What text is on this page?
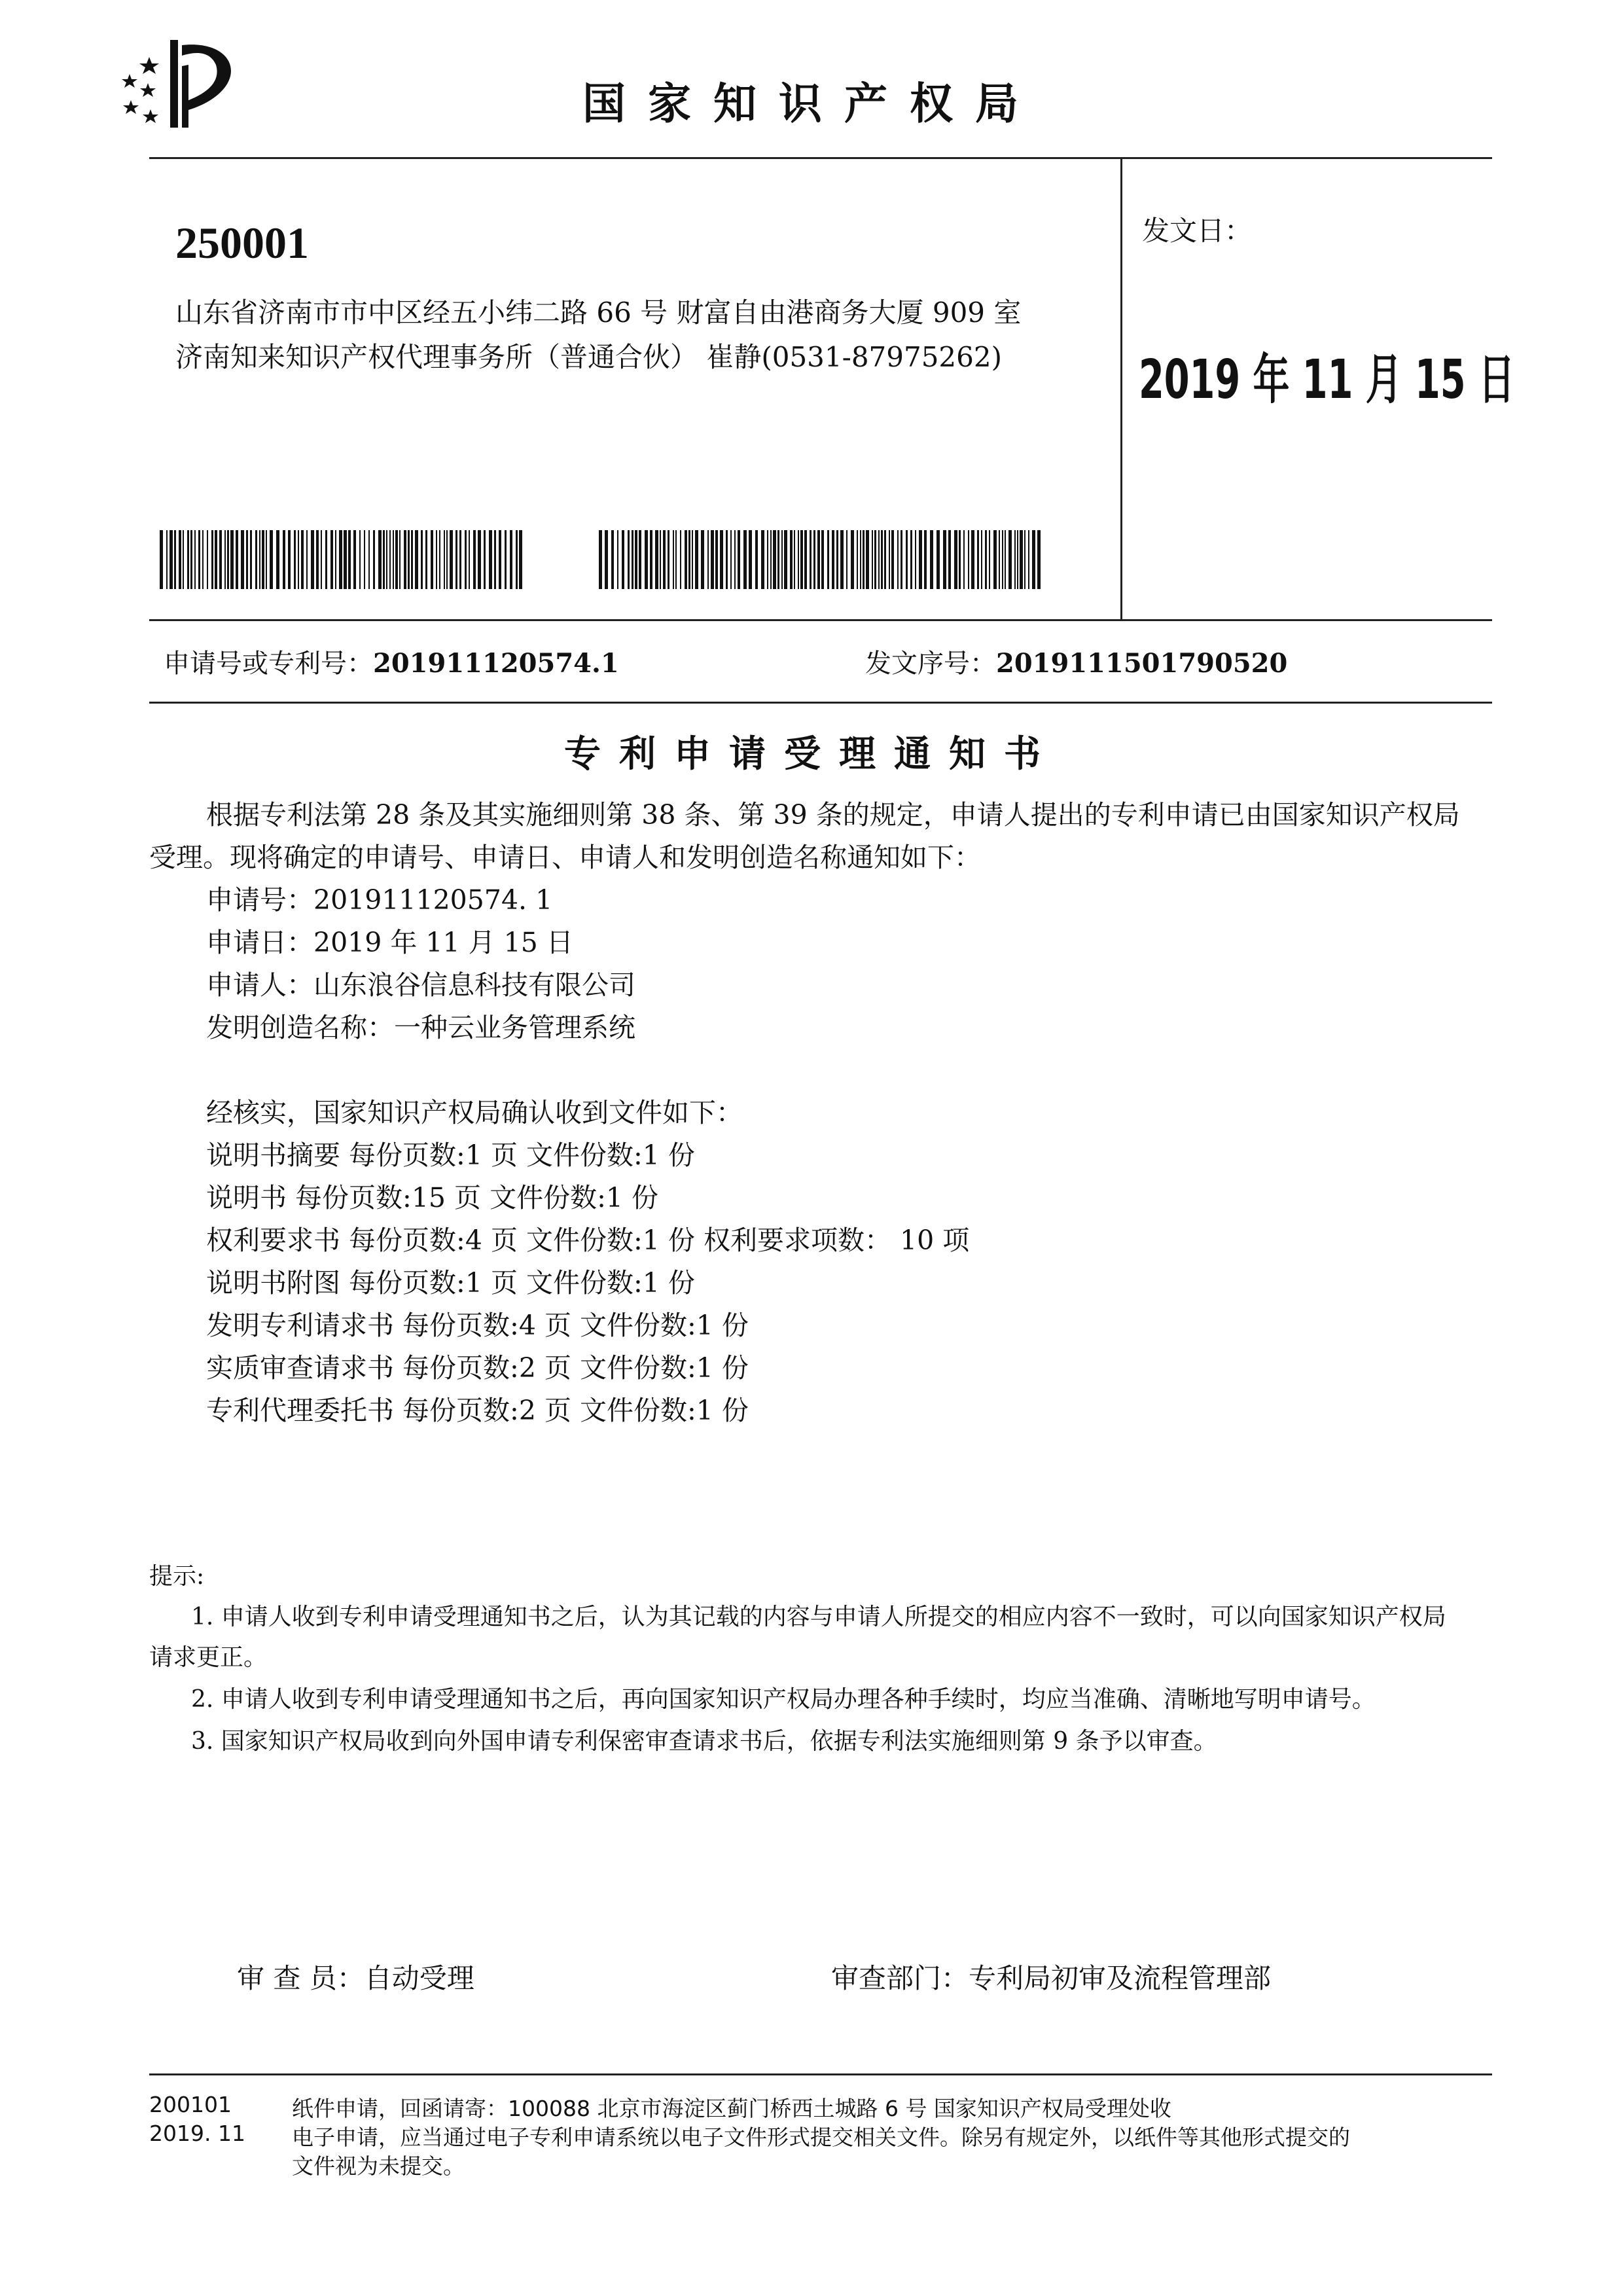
国家知识产权局
250001
山东省济南市市中区经五小纬二路 66 号 财富自由港商务大厦 909 室
济南知来知识产权代理事务所（普通合伙） 崔静(0531-87975262)
发文日：
2019 年 11 月 15 日
申请号或专利号：201911120574.1	发文序号：2019111501790520
专利申请受理通知书
根据专利法第 28 条及其实施细则第 38 条、第 39 条的规定，申请人提出的专利申请已由国家知识产权局
受理。现将确定的申请号、申请日、申请人和发明创造名称通知如下：
申请号：201911120574. 1
申请日：2019 年 11 月 15 日
申请人：山东浪谷信息科技有限公司
发明创造名称：一种云业务管理系统
经核实，国家知识产权局确认收到文件如下：
说明书摘要 每份页数:1 页 文件份数:1 份
说明书 每份页数:15 页 文件份数:1 份
权利要求书 每份页数:4 页 文件份数:1 份 权利要求项数： 10 项
说明书附图 每份页数:1 页 文件份数:1 份
发明专利请求书 每份页数:4 页 文件份数:1 份
实质审查请求书 每份页数:2 页 文件份数:1 份
专利代理委托书 每份页数:2 页 文件份数:1 份
提示:
1. 申请人收到专利申请受理通知书之后，认为其记载的内容与申请人所提交的相应内容不一致时，可以向国家知识产权局
请求更正。
2. 申请人收到专利申请受理通知书之后，再向国家知识产权局办理各种手续时，均应当准确、清晰地写明申请号。
3. 国家知识产权局收到向外国申请专利保密审查请求书后，依据专利法实施细则第 9 条予以审查。
审 查 员：自动受理	审查部门：专利局初审及流程管理部
200101
2019. 11
纸件申请，回函请寄：100088 北京市海淀区蓟门桥西土城路 6 号 国家知识产权局受理处收
电子申请，应当通过电子专利申请系统以电子文件形式提交相关文件。除另有规定外，以纸件等其他形式提交的
文件视为未提交。
